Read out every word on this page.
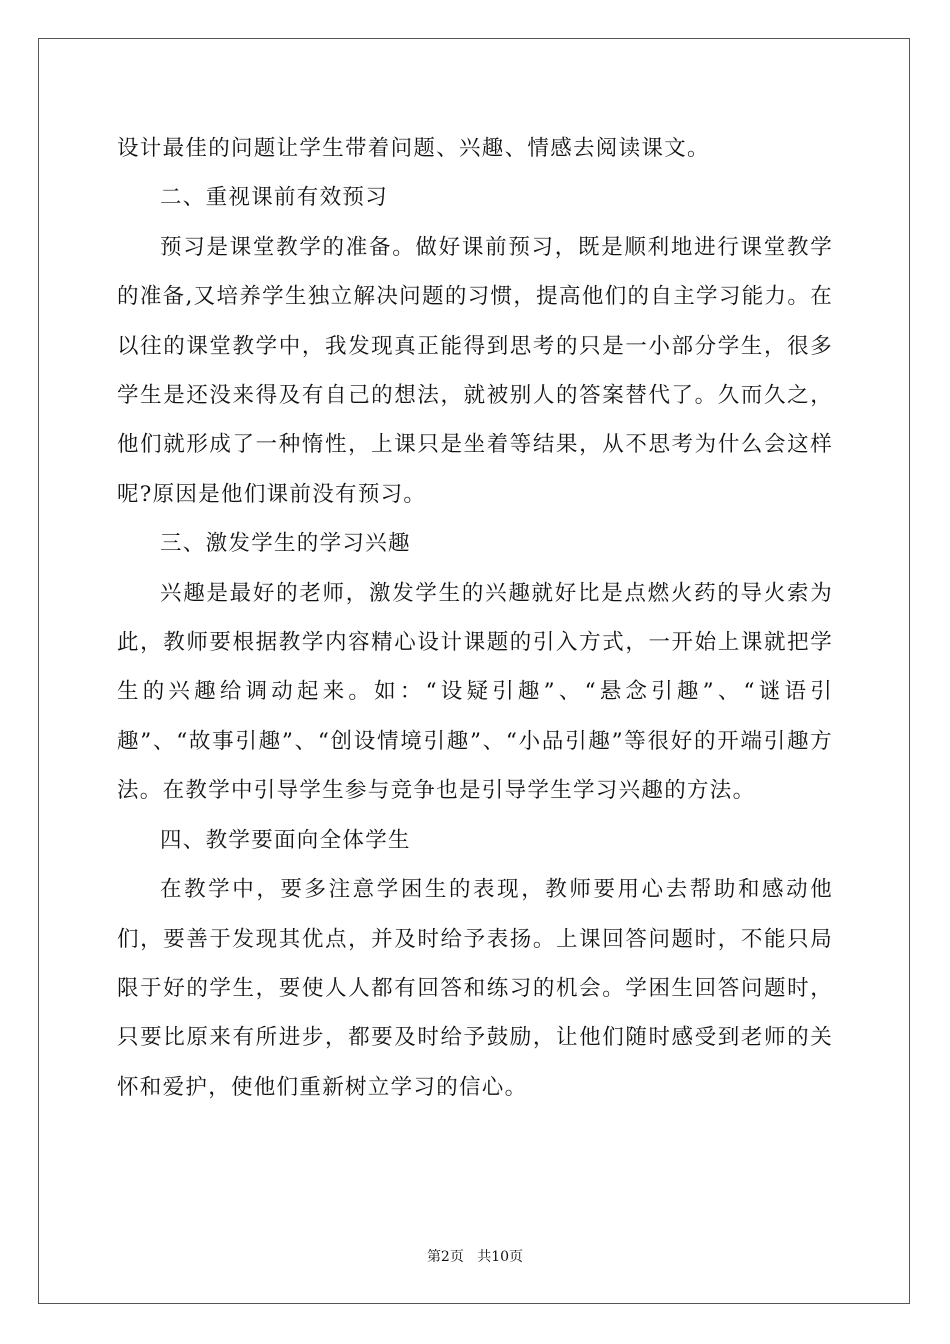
设计最佳的问题让学生带着问题、兴趣、情感去阅读课文。

二、重视课前有效预习

预习是课堂教学的准备。做好课前预习，既是顺利地进行课堂教学的准备,又培养学生独立解决问题的习惯，提高他们的自主学习能力。在以往的课堂教学中，我发现真正能得到思考的只是一小部分学生，很多学生是还没来得及有自己的想法，就被别人的答案替代了。久而久之，他们就形成了一种惰性，上课只是坐着等结果，从不思考为什么会这样呢?原因是他们课前没有预习。

三、激发学生的学习兴趣

兴趣是最好的老师，激发学生的兴趣就好比是点燃火药的导火索为此，教师要根据教学内容精心设计课题的引入方式，一开始上课就把学生的兴趣给调动起来。如：“设疑引趣”、“悬念引趣”、“谜语引趣”、“故事引趣”、“创设情境引趣”、“小品引趣”等很好的开端引趣方法。在教学中引导学生参与竞争也是引导学生学习兴趣的方法。

四、教学要面向全体学生

在教学中，要多注意学困生的表现，教师要用心去帮助和感动他们，要善于发现其优点，并及时给予表扬。上课回答问题时，不能只局限于好的学生，要使人人都有回答和练习的机会。学困生回答问题时，只要比原来有所进步，都要及时给予鼓励，让他们随时感受到老师的关怀和爱护，使他们重新树立学习的信心。

第2页 共10页
